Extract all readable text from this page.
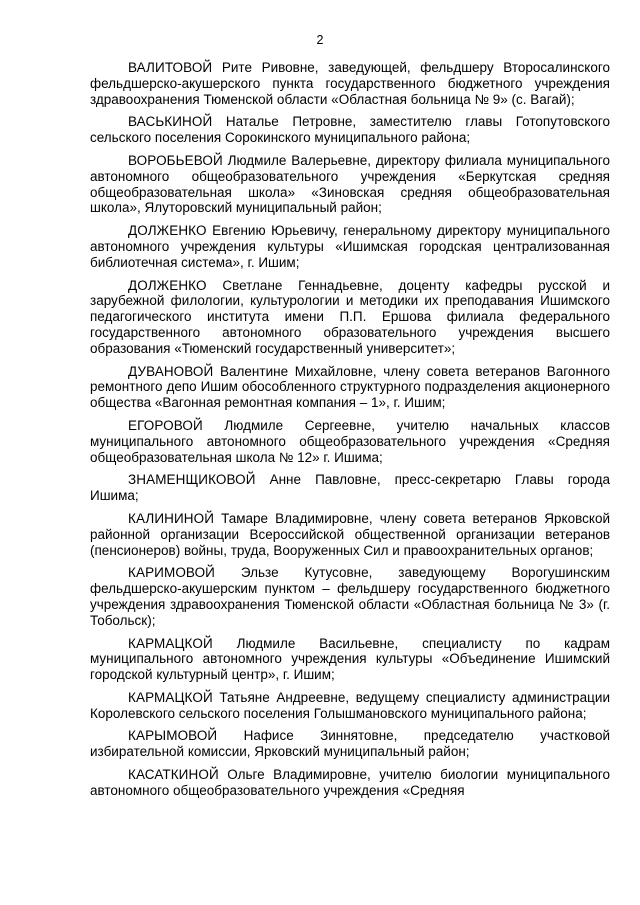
2

ВАЛИТОВОЙ Рите Ривовне, заведующей, фельдшеру Второсалинского фельдшерско-акушерского пункта государственного бюджетного учреждения здравоохранения Тюменской области «Областная больница № 9» (с. Вагай);

ВАСЬКИНОЙ Наталье Петровне, заместителю главы Готопутовского сельского поселения Сорокинского муниципального района;

ВОРОБЬЕВОЙ Людмиле Валерьевне, директору филиала муниципального автономного общеобразовательного учреждения «Беркутская средняя общеобразовательная школа» «Зиновская средняя общеобразовательная школа», Ялуторовский муниципальный район;

ДОЛЖЕНКО Евгению Юрьевичу, генеральному директору муниципального автономного учреждения культуры «Ишимская городская централизованная библиотечная система», г. Ишим;

ДОЛЖЕНКО Светлане Геннадьевне, доценту кафедры русской и зарубежной филологии, культурологии и методики их преподавания Ишимского педагогического института имени П.П. Ершова филиала федерального государственного автономного образовательного учреждения высшего образования «Тюменский государственный университет»;

ДУВАНОВОЙ Валентине Михайловне, члену совета ветеранов Вагонного ремонтного депо Ишим обособленного структурного подразделения акционерного общества «Вагонная ремонтная компания – 1», г. Ишим;

ЕГОРОВОЙ Людмиле Сергеевне, учителю начальных классов муниципального автономного общеобразовательного учреждения «Средняя общеобразовательная школа № 12» г. Ишима;

ЗНАМЕНЩИКОВОЙ Анне Павловне, пресс-секретарю Главы города Ишима;

КАЛИНИНОЙ Тамаре Владимировне, члену совета ветеранов Ярковской районной организации Всероссийской общественной организации ветеранов (пенсионеров) войны, труда, Вооруженных Сил и правоохранительных органов;

КАРИМОВОЙ Эльзе Кутусовне, заведующему Ворогушинским фельдшерско-акушерским пунктом – фельдшеру государственного бюджетного учреждения здравоохранения Тюменской области «Областная больница № 3» (г. Тобольск);

КАРМАЦКОЙ Людмиле Васильевне, специалисту по кадрам муниципального автономного учреждения культуры «Объединение Ишимский городской культурный центр», г. Ишим;

КАРМАЦКОЙ Татьяне Андреевне, ведущему специалисту администрации Королевского сельского поселения Голышмановского муниципального района;

КАРЫМОВОЙ Нафисе Зиннятовне, председателю участковой избирательной комиссии, Ярковский муниципальный район;

КАСАТКИНОЙ Ольге Владимировне, учителю биологии муниципального автономного общеобразовательного учреждения «Средняя
